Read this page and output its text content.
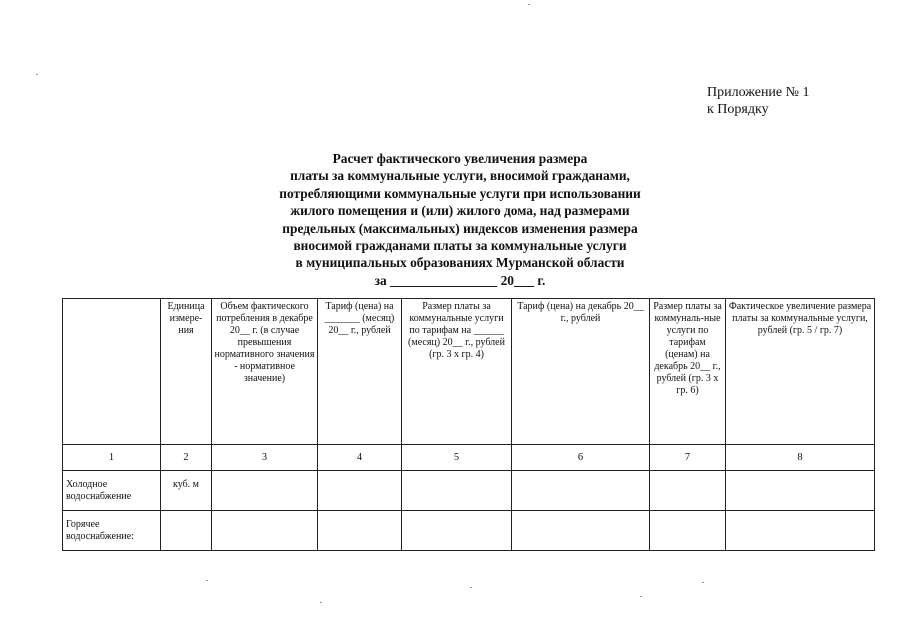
Приложение № 1
к Порядку
Расчет фактического увеличения размера
платы за коммунальные услуги, вносимой гражданами,
потребляющими коммунальные услуги при использовании
жилого помещения и (или) жилого дома, над размерами
предельных (максимальных) индексов изменения размера
вносимой гражданами платы за коммунальные услуги
в муниципальных образованиях Мурманской области
за ________________ 20___ г.
	Единица измере-ния	Объем фактического потребления в декабре 20__ г. (в случае превышения нормативного значения - нормативное значение)	Тариф (цена) на _______ (месяц) 20__ г., рублей	Размер платы за коммунальные услуги по тарифам на ______ (месяц) 20__ г., рублей (гр. 3 х гр. 4)	Тариф (цена) на декабрь 20__ г., рублей	Размер платы за коммуналь-ные услуги по тарифам (ценам) на декабрь 20__ г., рублей (гр. 3 х гр. 6)	Фактическое увеличение размера платы за коммунальные услуги, рублей (гр. 5 / гр. 7)
1	2	3	4	5	6	7	8
Холодное водоснабжение	куб. м						
Горячее водоснабжение:							
